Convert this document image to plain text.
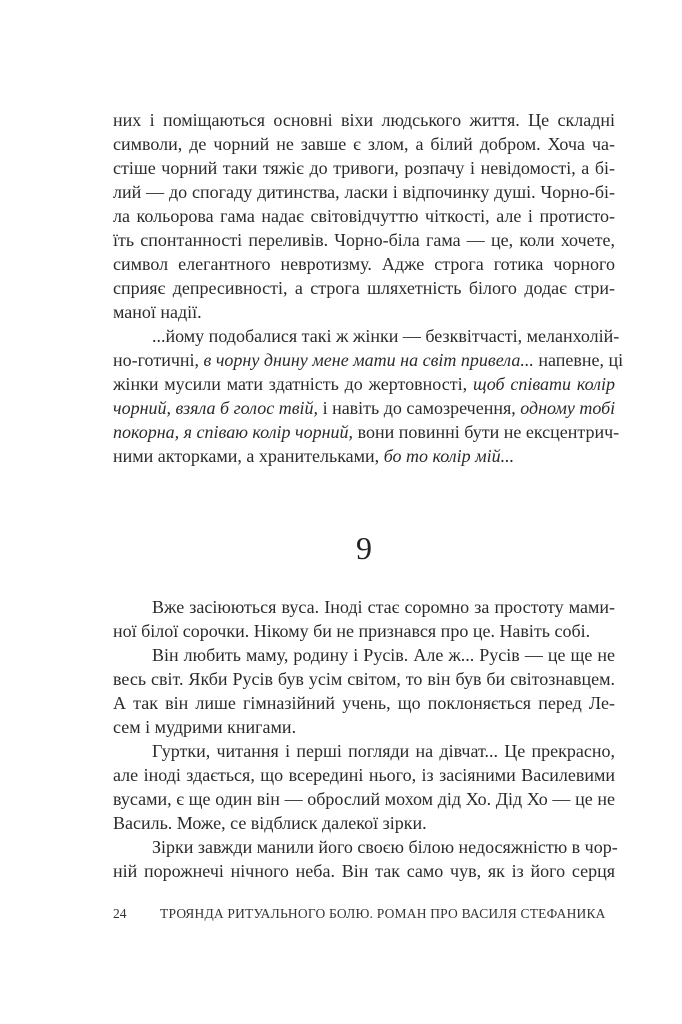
них і поміщаються основні віхи людського життя. Це складні
символи, де чорний не завше є злом, а білий добром. Хоча ча-
стіше чорний таки тяжіє до тривоги, розпачу і невідомості, а бі-
лий — до спогаду дитинства, ласки і відпочинку душі. Чорно-бі-
ла кольорова гама надає світовідчуттю чіткості, але і протисто-
їть спонтанності переливів. Чорно-біла гама — це, коли хочете,
символ елегантного невротизму. Адже строга готика чорного
сприяє депресивності, а строга шляхетність білого додає стри-
маної надії.
...йому подобалися такі ж жінки — безквітчасті, меланхолій-
но-готичні, в чорну днину мене мати на світ привела... напевне, ці
жінки мусили мати здатність до жертовності, щоб співати колір
чорний, взяла б голос твій, і навіть до самозречення, одному тобі
покорна, я співаю колір чорний, вони повинні бути не ексцентрич-
ними акторками, а хранительками, бо то колір мій...
9
Вже засіюються вуса. Іноді стає соромно за простоту мами-
ної білої сорочки. Нікому би не признався про це. Навіть собі.
Він любить маму, родину і Русів. Але ж... Русів — це ще не
весь світ. Якби Русів був усім світом, то він був би світознавцем.
А так він лише гімназійний учень, що поклоняється перед Ле-
сем і мудрими книгами.
Гуртки, читання і перші погляди на дівчат... Це прекрасно,
але іноді здається, що всередині нього, із засіяними Василевими
вусами, є ще один він — оброслий мохом дід Хо. Дід Хо — це не
Василь. Може, се відблиск далекої зірки.
Зірки завжди манили його своєю білою недосяжністю в чор-
ній порожнечі нічного неба. Він так само чув, як із його серця
24 ТРОЯНДА РИТУАЛЬНОГО БОЛЮ. РОМАН ПРО ВАСИЛЯ СТЕФАНИКА
